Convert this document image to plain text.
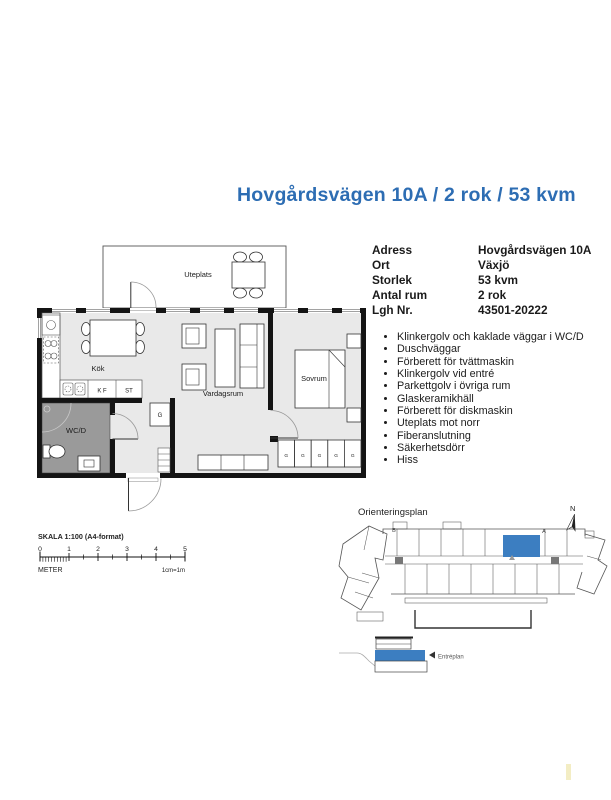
Hovgårdsvägen 10A / 2 rok / 53 kvm
Adress	Hovgårdsvägen 10A
Ort	Växjö
Storlek	53 kvm
Antal rum	2 rok
Lgh Nr.	43501-20222
• Klinkergolv och kaklade väggar i WC/D
• Duschväggar
• Förberett för tvättmaskin
• Klinkergolv vid entré
• Parkettgolv i övriga rum
• Glaskeramikhäll
• Förberett för diskmaskin
• Uteplats mot norr
• Fiberanslutning
• Säkerhetsdörr
• Hiss
Uteplats
K F	ST
Kök
WC/D
G
Vardagsrum
G	G	G	G	G
Sovrum
SKALA 1:100 (A4-format)
0	1	2	3	4	5
METER	1cm=1m
Orienteringsplan	N
B	A
Entréplan
